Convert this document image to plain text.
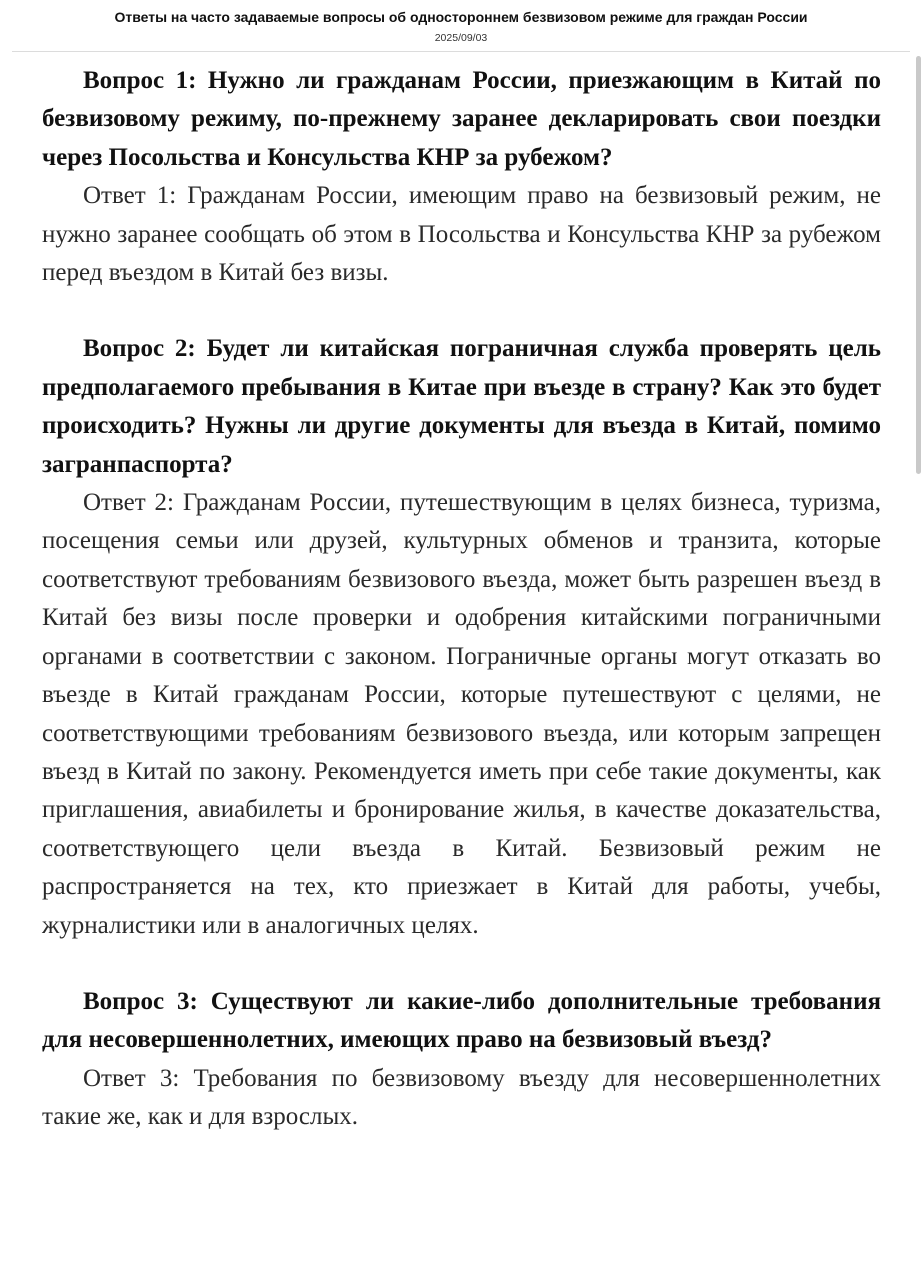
Ответы на часто задаваемые вопросы об одностороннем безвизовом режиме для граждан России
2025/09/03

Вопрос 1: Нужно ли гражданам России, приезжающим в Китай по безвизовому режиму, по-прежнему заранее декларировать свои поездки через Посольства и Консульства КНР за рубежом?

Ответ 1: Гражданам России, имеющим право на безвизовый режим, не нужно заранее сообщать об этом в Посольства и Консульства КНР за рубежом перед въездом в Китай без визы.

Вопрос 2: Будет ли китайская пограничная служба проверять цель предполагаемого пребывания в Китае при въезде в страну? Как это будет происходить? Нужны ли другие документы для въезда в Китай, помимо загранпаспорта?

Ответ 2: Гражданам России, путешествующим в целях бизнеса, туризма, посещения семьи или друзей, культурных обменов и транзита, которые соответствуют требованиям безвизового въезда, может быть разрешен въезд в Китай без визы после проверки и одобрения китайскими пограничными органами в соответствии с законом. Пограничные органы могут отказать во въезде в Китай гражданам России, которые путешествуют с целями, не соответствующими требованиям безвизового въезда, или которым запрещен въезд в Китай по закону. Рекомендуется иметь при себе такие документы, как приглашения, авиабилеты и бронирование жилья, в качестве доказательства, соответствующего цели въезда в Китай. Безвизовый режим не распространяется на тех, кто приезжает в Китай для работы, учебы, журналистики или в аналогичных целях.

Вопрос 3: Существуют ли какие-либо дополнительные требования для несовершеннолетних, имеющих право на безвизовый въезд?

Ответ 3: Требования по безвизовому въезду для несовершеннолетних такие же, как и для взрослых.
